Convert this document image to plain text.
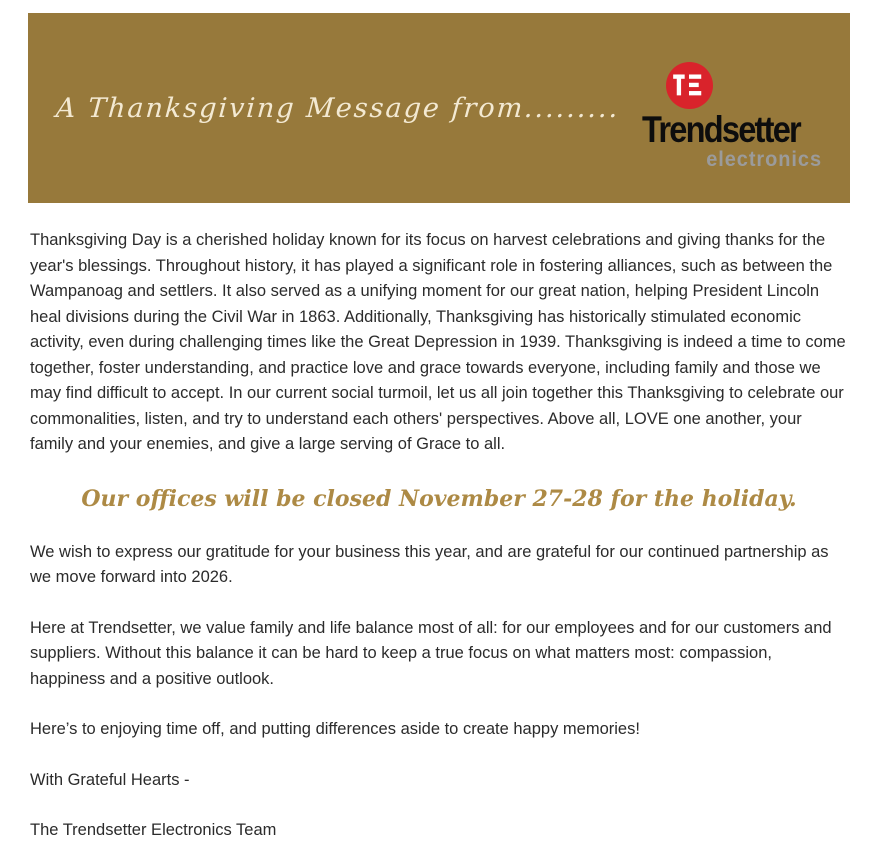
A Thanksgiving Message from.........
Trendsetter
electronics

Thanksgiving Day is a cherished holiday known for its focus on harvest celebrations and giving thanks for the year's blessings. Throughout history, it has played a significant role in fostering alliances, such as between the Wampanoag and settlers. It also served as a unifying moment for our great nation, helping President Lincoln heal divisions during the Civil War in 1863. Additionally, Thanksgiving has historically stimulated economic activity, even during challenging times like the Great Depression in 1939. Thanksgiving is indeed a time to come together, foster understanding, and practice love and grace towards everyone, including family and those we may find difficult to accept. In our current social turmoil, let us all join together this Thanksgiving to celebrate our commonalities, listen, and try to understand each others' perspectives. Above all, LOVE one another, your family and your enemies, and give a large serving of Grace to all.

Our offices will be closed November 27-28 for the holiday.

We wish to express our gratitude for your business this year, and are grateful for our continued partnership as we move forward into 2026.

Here at Trendsetter, we value family and life balance most of all: for our employees and for our customers and suppliers. Without this balance it can be hard to keep a true focus on what matters most: compassion, happiness and a positive outlook.

Here’s to enjoying time off, and putting differences aside to create happy memories!

With Grateful Hearts -

The Trendsetter Electronics Team
